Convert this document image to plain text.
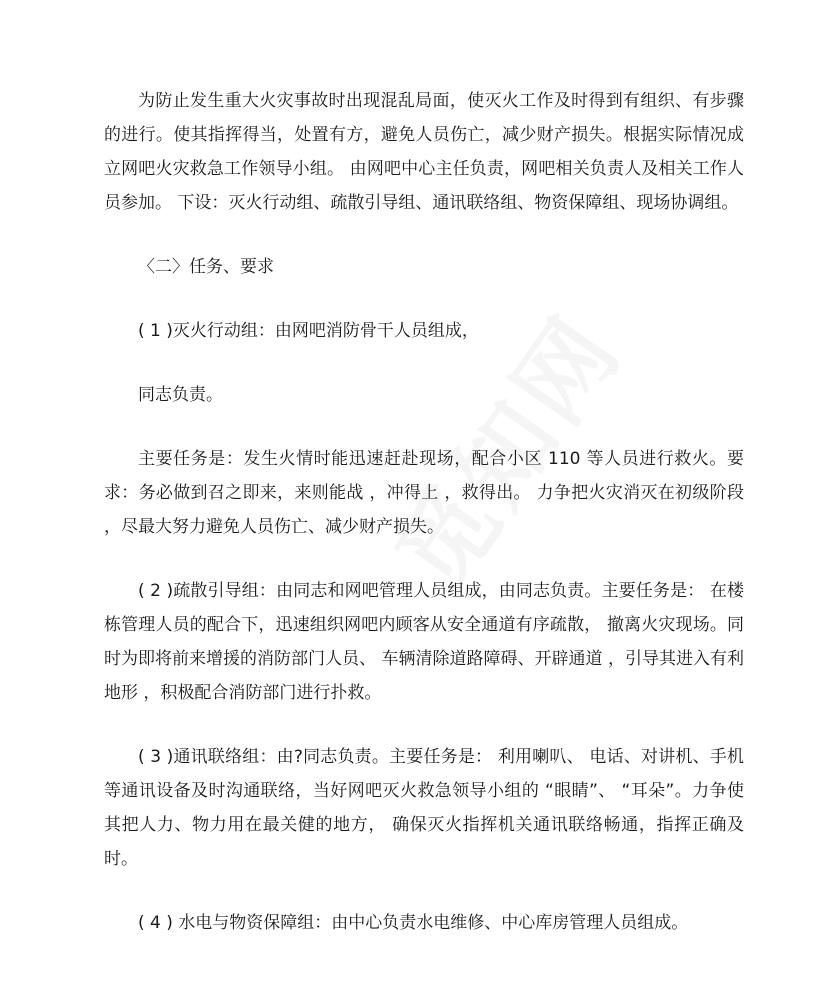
为防止发生重大火灾事故时出现混乱局面，使灭火工作及时得到有组织、有步骤的进行。使其指挥得当，处置有方，避免人员伤亡，减少财产损失。根据实际情况成立网吧火灾救急工作领导小组。 由网吧中心主任负责，网吧相关负责人及相关工作人员参加。 下设：灭火行动组、疏散引导组、通讯联络组、物资保障组、现场协调组。

〈二〉任务、要求

( 1 )灭火行动组：由网吧消防骨干人员组成，

同志负责。

主要任务是：发生火情时能迅速赶赴现场，配合小区 110 等人员进行救火。要求：务必做到召之即来，来则能战 ，冲得上 ，救得出。 力争把火灾消灭在初级阶段 ，尽最大努力避免人员伤亡、减少财产损失。

( 2 )疏散引导组：由同志和网吧管理人员组成，由同志负责。主要任务是： 在楼栋管理人员的配合下，迅速组织网吧内顾客从安全通道有序疏散， 撤离火灾现场。同时为即将前来增援的消防部门人员、 车辆清除道路障碍、开辟通道 ，引导其进入有利地形 ，积极配合消防部门进行扑救。

( 3 )通讯联络组：由?同志负责。主要任务是： 利用喇叭、 电话、对讲机、手机等通讯设备及时沟通联络，当好网吧灭火救急领导小组的 “眼睛”、 “耳朵”。力争使其把人力、物力用在最关健的地方， 确保灭火指挥机关通讯联络畅通，指挥正确及时。

( 4 ) 水电与物资保障组：由中心负责水电维修、中心库房管理人员组成。
